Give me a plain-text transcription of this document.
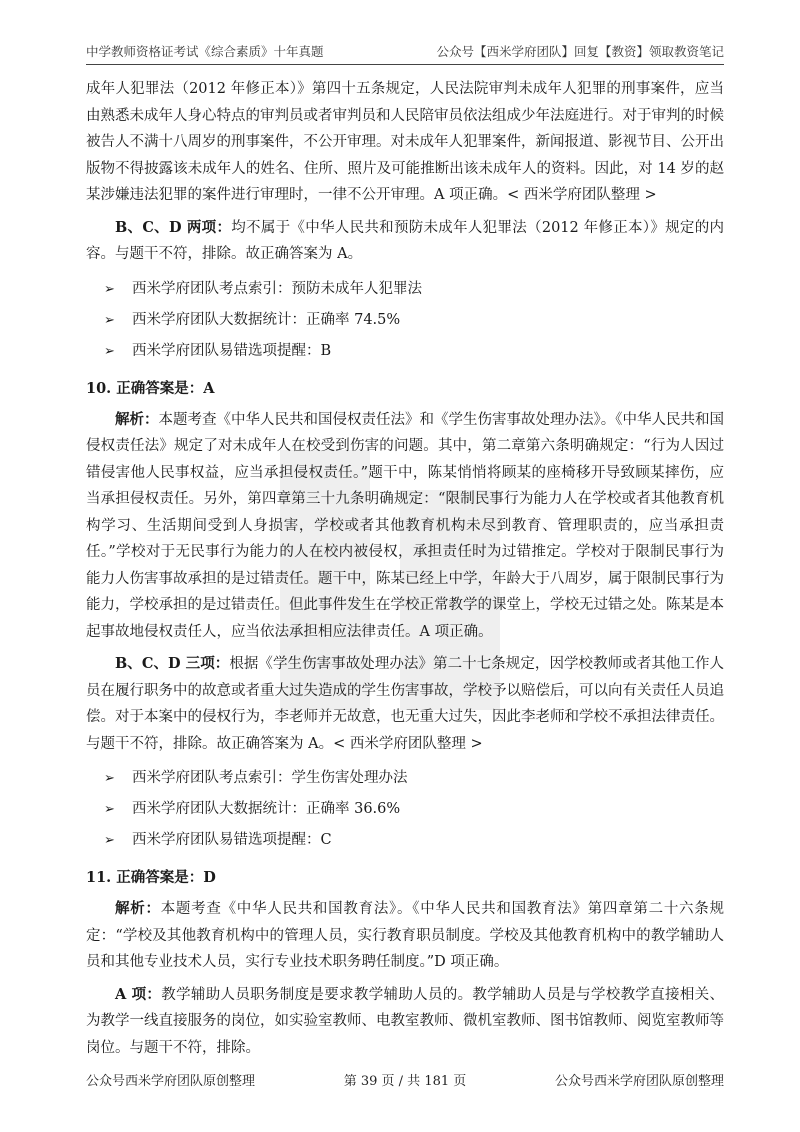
中学教师资格证考试《综合素质》十年真题	公众号【西米学府团队】回复【教资】领取教资笔记

成年人犯罪法（2012 年修正本）》第四十五条规定，人民法院审判未成年人犯罪的刑事案件，应当由熟悉未成年人身心特点的审判员或者审判员和人民陪审员依法组成少年法庭进行。对于审判的时候被告人不满十八周岁的刑事案件，不公开审理。对未成年人犯罪案件，新闻报道、影视节目、公开出版物不得披露该未成年人的姓名、住所、照片及可能推断出该未成年人的资料。因此，对 14 岁的赵某涉嫌违法犯罪的案件进行审理时，一律不公开审理。A 项正确。< 西米学府团队整理 >

B、C、D 两项：均不属于《中华人民共和预防未成年人犯罪法（2012 年修正本）》规定的内容。与题干不符，排除。故正确答案为 A。

➢ 西米学府团队考点索引：预防未成年人犯罪法
➢ 西米学府团队大数据统计：正确率 74.5%
➢ 西米学府团队易错选项提醒：B
10. 正确答案是：A

解析：本题考查《中华人民共和国侵权责任法》和《学生伤害事故处理办法》。《中华人民共和国侵权责任法》规定了对未成年人在校受到伤害的问题。其中，第二章第六条明确规定：“行为人因过错侵害他人民事权益，应当承担侵权责任。”题干中，陈某悄悄将顾某的座椅移开导致顾某摔伤，应当承担侵权责任。另外，第四章第三十九条明确规定：“限制民事行为能力人在学校或者其他教育机构学习、生活期间受到人身损害，学校或者其他教育机构未尽到教育、管理职责的，应当承担责任。”学校对于无民事行为能力的人在校内被侵权，承担责任时为过错推定。学校对于限制民事行为能力人伤害事故承担的是过错责任。题干中，陈某已经上中学，年龄大于八周岁，属于限制民事行为能力，学校承担的是过错责任。但此事件发生在学校正常教学的课堂上，学校无过错之处。陈某是本起事故地侵权责任人，应当依法承担相应法律责任。A 项正确。

B、C、D 三项：根据《学生伤害事故处理办法》第二十七条规定，因学校教师或者其他工作人员在履行职务中的故意或者重大过失造成的学生伤害事故，学校予以赔偿后，可以向有关责任人员追偿。对于本案中的侵权行为，李老师并无故意，也无重大过失，因此李老师和学校不承担法律责任。与题干不符，排除。故正确答案为 A。< 西米学府团队整理 >

➢ 西米学府团队考点索引：学生伤害处理办法
➢ 西米学府团队大数据统计：正确率 36.6%
➢ 西米学府团队易错选项提醒：C
11. 正确答案是：D

解析：本题考查《中华人民共和国教育法》。《中华人民共和国教育法》第四章第二十六条规定：“学校及其他教育机构中的管理人员，实行教育职员制度。学校及其他教育机构中的教学辅助人员和其他专业技术人员，实行专业技术职务聘任制度。”D 项正确。

A 项：教学辅助人员职务制度是要求教学辅助人员的。教学辅助人员是与学校教学直接相关、为教学一线直接服务的岗位，如实验室教师、电教室教师、微机室教师、图书馆教师、阅览室教师等岗位。与题干不符，排除。

公众号西米学府团队原创整理	第 39 页 / 共 181 页	公众号西米学府团队原创整理
